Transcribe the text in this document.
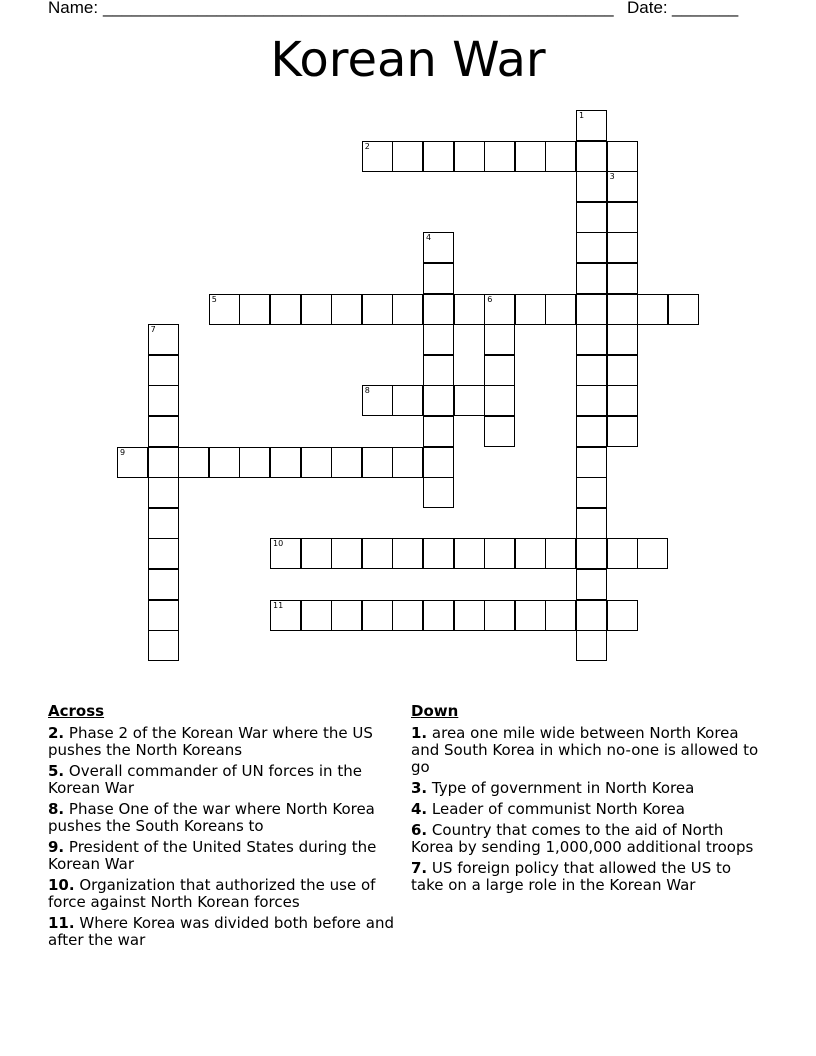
Name: ______________________________________________________ Date: _______
Korean War
1
2
3
4
5	6
7
8
9
10
11
Across
2. Phase 2 of the Korean War where the US pushes the North Koreans
5. Overall commander of UN forces in the Korean War
8. Phase One of the war where North Korea pushes the South Koreans to
9. President of the United States during the Korean War
10. Organization that authorized the use of force against North Korean forces
11. Where Korea was divided both before and after the war
Down
1. area one mile wide between North Korea and South Korea in which no-one is allowed to go
3. Type of government in North Korea
4. Leader of communist North Korea
6. Country that comes to the aid of North Korea by sending 1,000,000 additional troops
7. US foreign policy that allowed the US to take on a large role in the Korean War
